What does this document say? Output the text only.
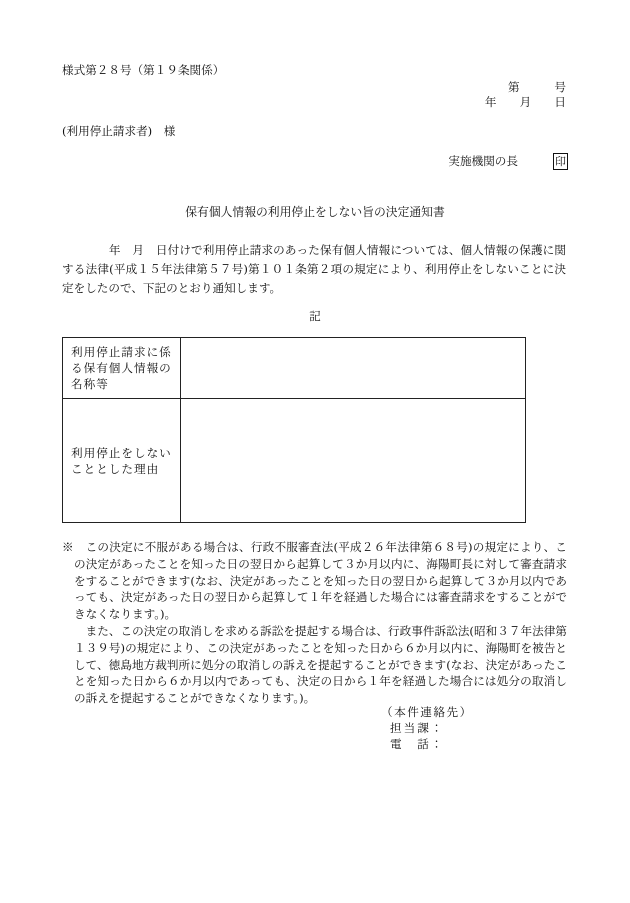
様式第２８号（第１９条関係）

第　　　号

年　　月　　日

(利用停止請求者)　様

実施機関の長	印
保有個人情報の利用停止をしない旨の決定通知書

　　　　年　月　日付けで利用停止請求のあった保有個人情報については、個人情報の保護に関する法律(平成１５年法律第５７号)第１０１条第２項の規定により、利用停止をしないことに決定をしたので、下記のとおり通知します。

記

利用停止請求に係る保有個人情報の名称等	
利用停止をしないこととした理由	

※　この決定に不服がある場合は、行政不服審査法(平成２６年法律第６８号)の規定により、この決定があったことを知った日の翌日から起算して３か月以内に、海陽町長に対して審査請求をすることができます(なお、決定があったことを知った日の翌日から起算して３か月以内であっても、決定があった日の翌日から起算して１年を経過した場合には審査請求をすることができなくなります。)。

　また、この決定の取消しを求める訴訟を提起する場合は、行政事件訴訟法(昭和３７年法律第１３９号)の規定により、この決定があったことを知った日から６か月以内に、海陽町を被告として、徳島地方裁判所に処分の取消しの訴えを提起することができます(なお、決定があったことを知った日から６か月以内であっても、決定の日から１年を経過した場合には処分の取消しの訴えを提起することができなくなります。)。

（本件連絡先）

担当課：

電　話：
